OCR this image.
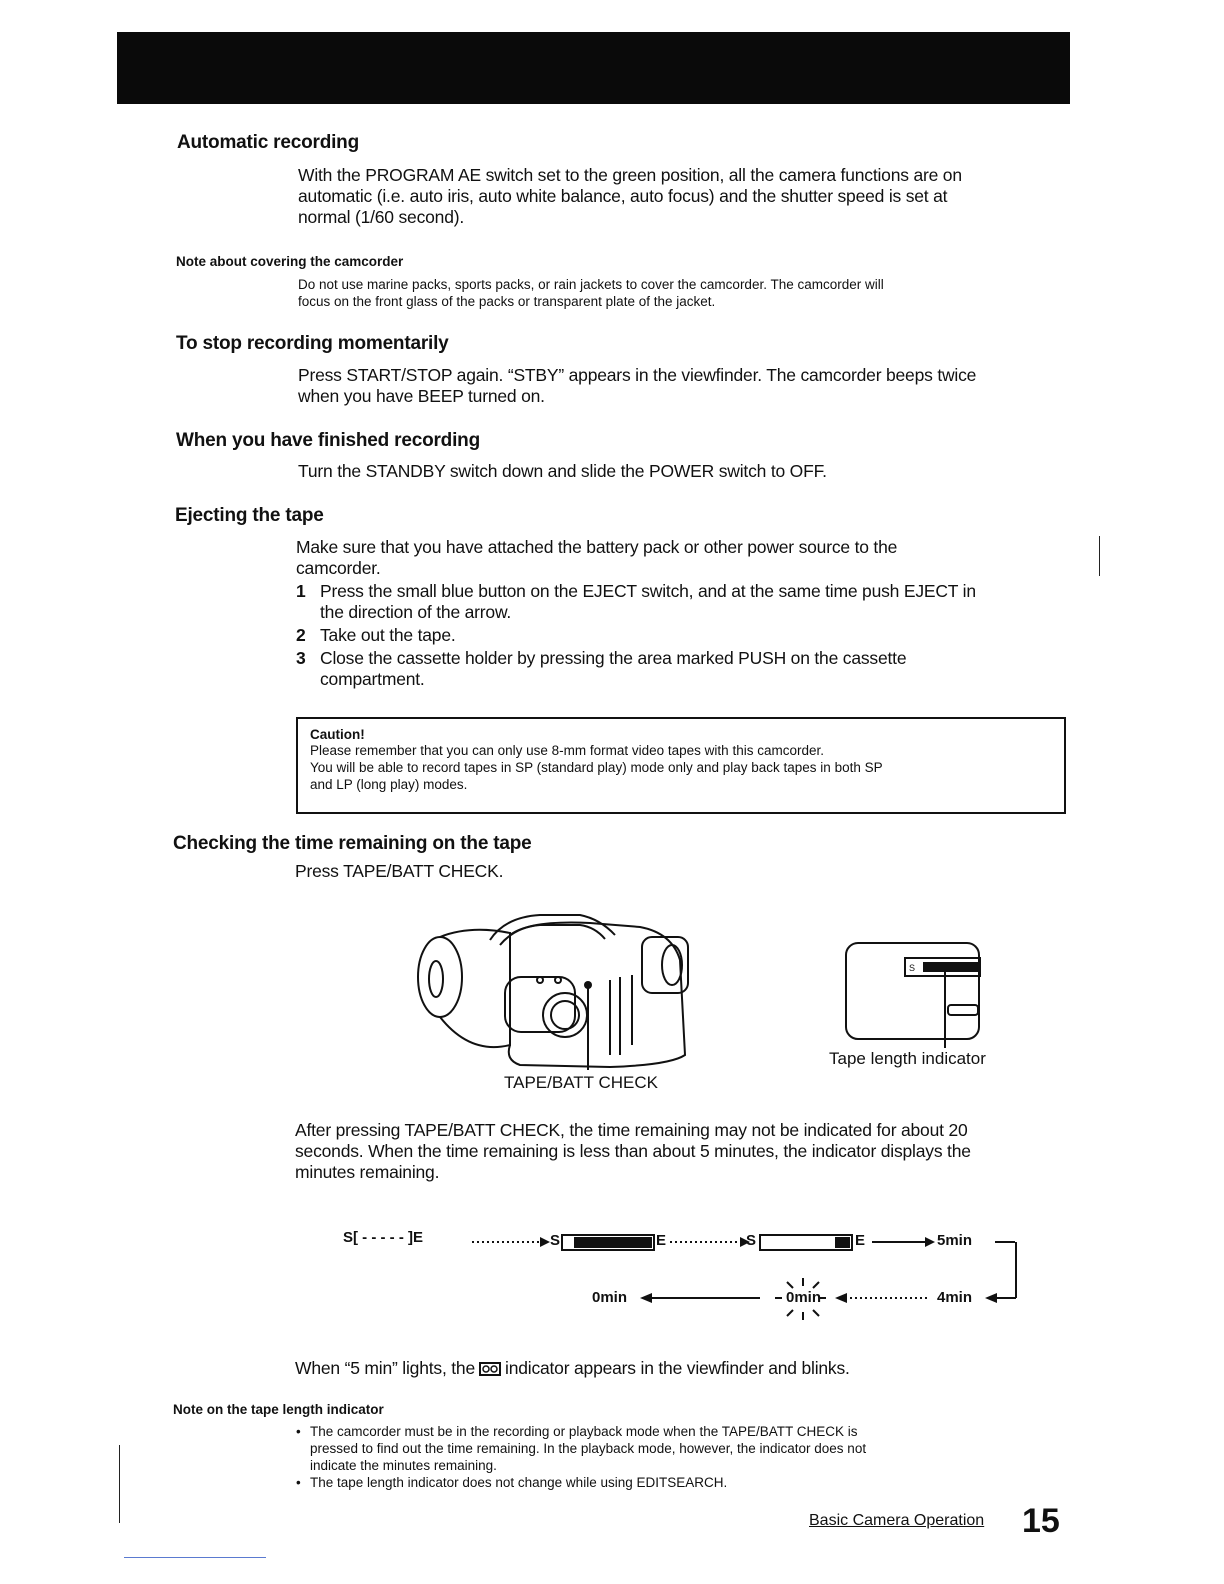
Automatic recording
With the PROGRAM AE switch set to the green position, all the camera functions are on
automatic (i.e. auto iris, auto white balance, auto focus) and the shutter speed is set at
normal (1/60 second).
Note about covering the camcorder
Do not use marine packs, sports packs, or rain jackets to cover the camcorder. The camcorder will
focus on the front glass of the packs or transparent plate of the jacket.
To stop recording momentarily
Press START/STOP again. “STBY” appears in the viewfinder. The camcorder beeps twice
when you have BEEP turned on.
When you have finished recording
Turn the STANDBY switch down and slide the POWER switch to OFF.
Ejecting the tape
Make sure that you have attached the battery pack or other power source to the
camcorder.
1 Press the small blue button on the EJECT switch, and at the same time push EJECT in
the direction of the arrow.
2 Take out the tape.
3 Close the cassette holder by pressing the area marked PUSH on the cassette
compartment.
Caution!
Please remember that you can only use 8-mm format video tapes with this camcorder.
You will be able to record tapes in SP (standard play) mode only and play back tapes in both SP
and LP (long play) modes.
Checking the time remaining on the tape
Press TAPE/BATT CHECK.
TAPE/BATT CHECK
S
Tape length indicator
After pressing TAPE/BATT CHECK, the time remaining may not be indicated for about 20
seconds. When the time remaining is less than about 5 minutes, the indicator displays the
minutes remaining.
S[ - - - - - ]E	S	E	S	E	5min
0min	0min	4min
When “5 min” lights, the indicator appears in the viewfinder and blinks.
Note on the tape length indicator
• The camcorder must be in the recording or playback mode when the TAPE/BATT CHECK is
pressed to find out the time remaining. In the playback mode, however, the indicator does not
indicate the minutes remaining.
• The tape length indicator does not change while using EDITSEARCH.
Basic Camera Operation 15
